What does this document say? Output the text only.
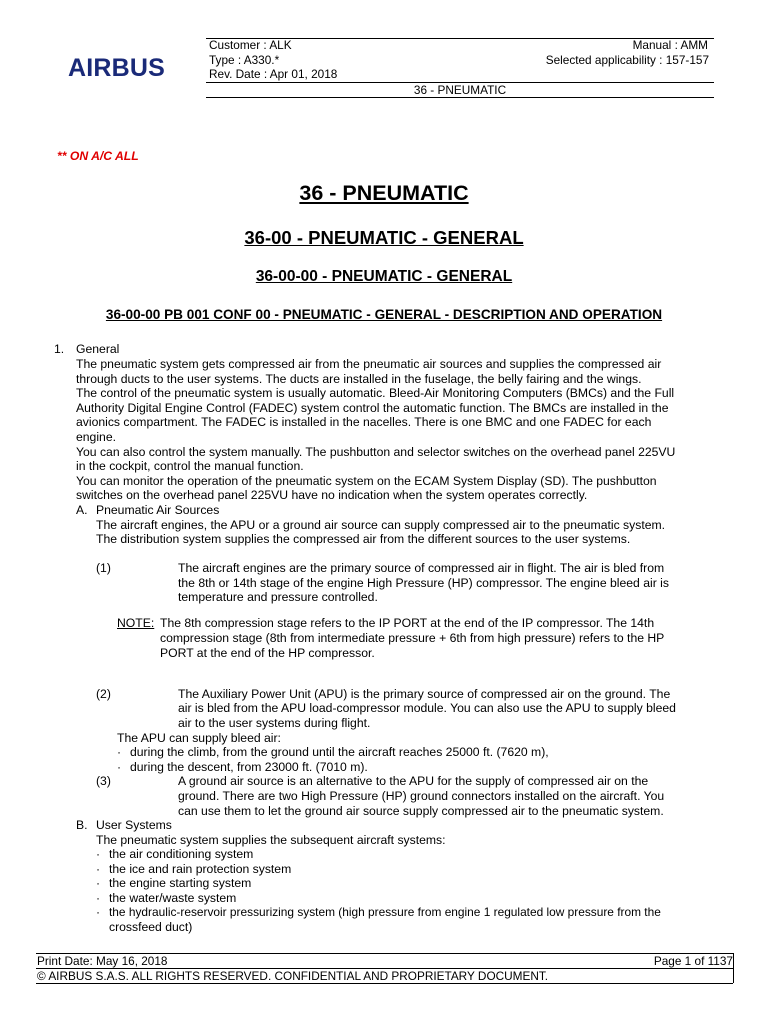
AIRBUS
Customer : ALK
Type : A330.*
Rev. Date : Apr 01, 2018
Manual : AMM
Selected applicability : 157-157
36 - PNEUMATIC
** ON A/C ALL
36 - PNEUMATIC
36-00 - PNEUMATIC - GENERAL
36-00-00 - PNEUMATIC - GENERAL
36-00-00 PB 001 CONF 00 - PNEUMATIC - GENERAL - DESCRIPTION AND OPERATION
1. General
The pneumatic system gets compressed air from the pneumatic air sources and supplies the compressed air
through ducts to the user systems. The ducts are installed in the fuselage, the belly fairing and the wings.
The control of the pneumatic system is usually automatic. Bleed-Air Monitoring Computers (BMCs) and the Full
Authority Digital Engine Control (FADEC) system control the automatic function. The BMCs are installed in the
avionics compartment. The FADEC is installed in the nacelles. There is one BMC and one FADEC for each
engine.
You can also control the system manually. The pushbutton and selector switches on the overhead panel 225VU
in the cockpit, control the manual function.
You can monitor the operation of the pneumatic system on the ECAM System Display (SD). The pushbutton
switches on the overhead panel 225VU have no indication when the system operates correctly.
A. Pneumatic Air Sources
The aircraft engines, the APU or a ground air source can supply compressed air to the pneumatic system.
The distribution system supplies the compressed air from the different sources to the user systems.
(1)	The aircraft engines are the primary source of compressed air in flight. The air is bled from
the 8th or 14th stage of the engine High Pressure (HP) compressor. The engine bleed air is
temperature and pressure controlled.
NOTE: The 8th compression stage refers to the IP PORT at the end of the IP compressor. The 14th
compression stage (8th from intermediate pressure + 6th from high pressure) refers to the HP
PORT at the end of the HP compressor.
(2)	The Auxiliary Power Unit (APU) is the primary source of compressed air on the ground. The
air is bled from the APU load-compressor module. You can also use the APU to supply bleed
air to the user systems during flight.
The APU can supply bleed air:
· during the climb, from the ground until the aircraft reaches 25000 ft. (7620 m),
· during the descent, from 23000 ft. (7010 m).
(3)	A ground air source is an alternative to the APU for the supply of compressed air on the
ground. There are two High Pressure (HP) ground connectors installed on the aircraft. You
can use them to let the ground air source supply compressed air to the pneumatic system.
B. User Systems
The pneumatic system supplies the subsequent aircraft systems:
· the air conditioning system
· the ice and rain protection system
· the engine starting system
· the water/waste system
· the hydraulic-reservoir pressurizing system (high pressure from engine 1 regulated low pressure from the
crossfeed duct)
Print Date: May 16, 2018	Page 1 of 1137
© AIRBUS S.A.S. ALL RIGHTS RESERVED. CONFIDENTIAL AND PROPRIETARY DOCUMENT.
